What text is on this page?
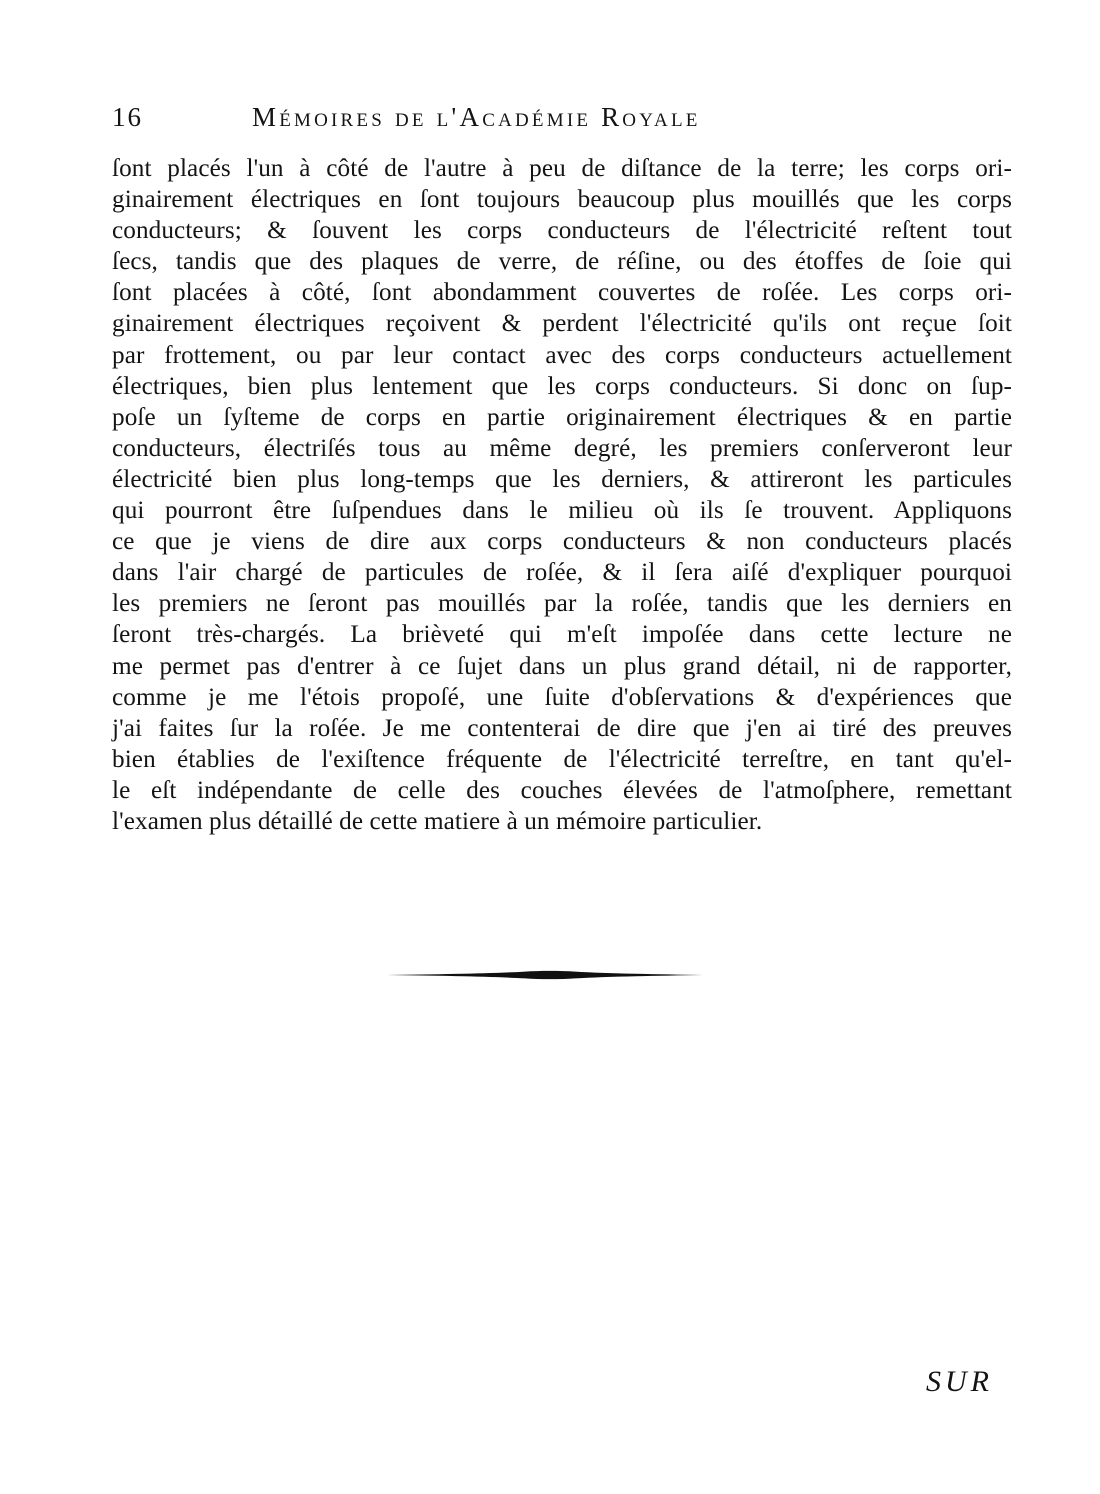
16	Mémoires de l'Académie Royale
ſont placés l'un à côté de l'autre à peu de diſtance de la terre; les corps ori-
ginairement électriques en ſont toujours beaucoup plus mouillés que les corps
conducteurs; & ſouvent les corps conducteurs de l'électricité reſtent tout
ſecs, tandis que des plaques de verre, de réſine, ou des étoffes de ſoie qui
ſont placées à côté, ſont abondamment couvertes de roſée. Les corps ori-
ginairement électriques reçoivent & perdent l'électricité qu'ils ont reçue ſoit
par frottement, ou par leur contact avec des corps conducteurs actuellement
électriques, bien plus lentement que les corps conducteurs. Si donc on ſup-
poſe un ſyſteme de corps en partie originairement électriques & en partie
conducteurs, électriſés tous au même degré, les premiers conſerveront leur
électricité bien plus long-temps que les derniers, & attireront les particules
qui pourront être ſuſpendues dans le milieu où ils ſe trouvent. Appliquons
ce que je viens de dire aux corps conducteurs & non conducteurs placés
dans l'air chargé de particules de roſée, & il ſera aiſé d'expliquer pourquoi
les premiers ne ſeront pas mouillés par la roſée, tandis que les derniers en
ſeront très-chargés. La brièveté qui m'eſt impoſée dans cette lecture ne
me permet pas d'entrer à ce ſujet dans un plus grand détail, ni de rapporter,
comme je me l'étois propoſé, une ſuite d'obſervations & d'expériences que
j'ai faites ſur la roſée. Je me contenterai de dire que j'en ai tiré des preuves
bien établies de l'exiſtence fréquente de l'électricité terreſtre, en tant qu'el-
le eſt indépendante de celle des couches élevées de l'atmoſphere, remettant
l'examen plus détaillé de cette matiere à un mémoire particulier.
SUR
